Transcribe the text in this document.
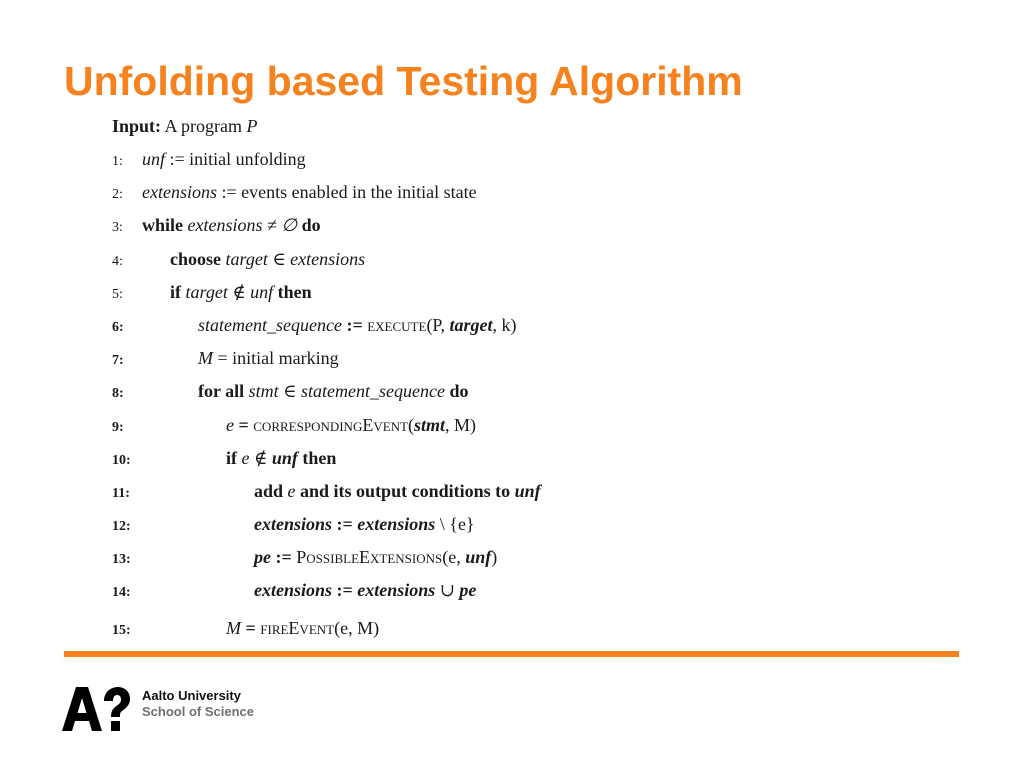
Unfolding based Testing Algorithm
Input: A program P
1: unf := initial unfolding
2: extensions := events enabled in the initial state
3: while extensions ≠ ∅ do
4:	choose target ∈ extensions
5:	if target ∉ unf then
6:	statement_sequence := execute(P, target, k)
7:	M = initial marking
8:	for all stmt ∈ statement_sequence do
9:	e = correspondingEvent(stmt, M)
10:	if e ∉ unf then
11:	add e and its output conditions to unf
12:	extensions := extensions \ {e}
13:	pe := PossibleExtensions(e, unf)
14:	extensions := extensions ∪ pe
15:	M = fireEvent(e, M)
Aalto University
School of Science
